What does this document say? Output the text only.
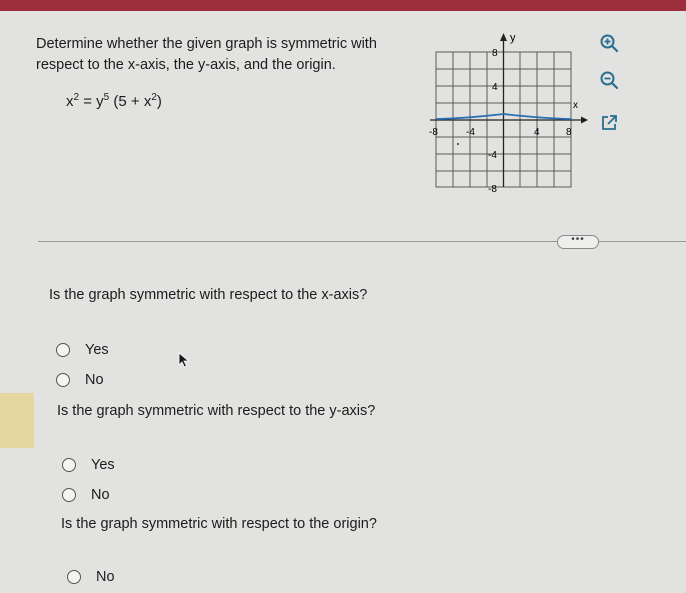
Determine whether the given graph is symmetric with
respect to the x-axis, the y-axis, and the origin.
$x^2 = y^5$ $(5 + x^2)$	x
y
-8	-4	4	8
8
4
-4
-8
•••
Is the graph symmetric with respect to the x-axis?
Yes
No
Is the graph symmetric with respect to the y-axis?
Yes
No
Is the graph symmetric with respect to the origin?
No
